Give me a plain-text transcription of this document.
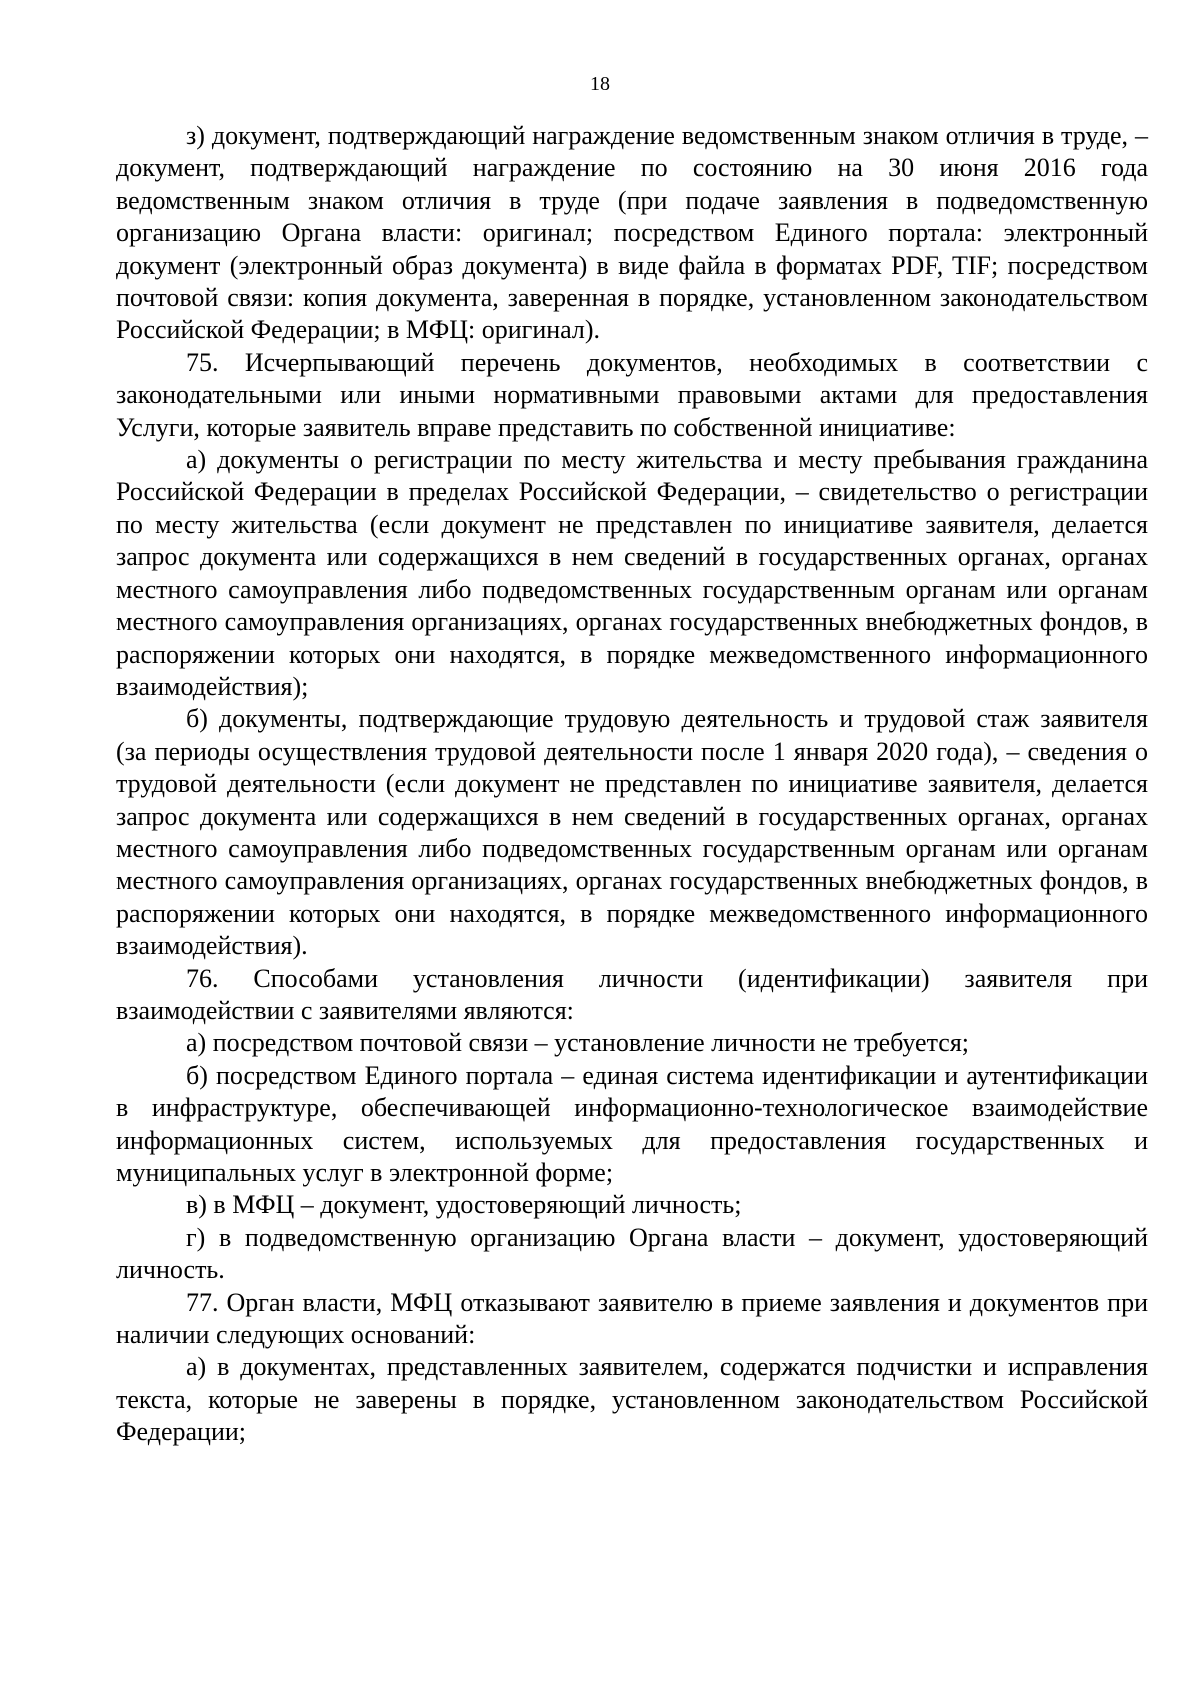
18

з) документ, подтверждающий награждение ведомственным знаком отличия в труде, – документ, подтверждающий награждение по состоянию на 30 июня 2016 года ведомственным знаком отличия в труде (при подаче заявления в подведомственную организацию Органа власти: оригинал; посредством Единого портала: электронный документ (электронный образ документа) в виде файла в форматах PDF, TIF; посредством почтовой связи: копия документа, заверенная в порядке, установленном законодательством Российской Федерации; в МФЦ: оригинал).

75. Исчерпывающий перечень документов, необходимых в соответствии с законодательными или иными нормативными правовыми актами для предоставления Услуги, которые заявитель вправе представить по собственной инициативе:

а) документы о регистрации по месту жительства и месту пребывания гражданина Российской Федерации в пределах Российской Федерации, – свидетельство о регистрации по месту жительства (если документ не представлен по инициативе заявителя, делается запрос документа или содержащихся в нем сведений в государственных органах, органах местного самоуправления либо подведомственных государственным органам или органам местного самоуправления организациях, органах государственных внебюджетных фондов, в распоряжении которых они находятся, в порядке межведомственного информационного взаимодействия);

б) документы, подтверждающие трудовую деятельность и трудовой стаж заявителя (за периоды осуществления трудовой деятельности после 1 января 2020 года), – сведения о трудовой деятельности (если документ не представлен по инициативе заявителя, делается запрос документа или содержащихся в нем сведений в государственных органах, органах местного самоуправления либо подведомственных государственным органам или органам местного самоуправления организациях, органах государственных внебюджетных фондов, в распоряжении которых они находятся, в порядке межведомственного информационного взаимодействия).

76. Способами установления личности (идентификации) заявителя при взаимодействии с заявителями являются:

а) посредством почтовой связи – установление личности не требуется;

б) посредством Единого портала – единая система идентификации и аутентификации в инфраструктуре, обеспечивающей информационно-технологическое взаимодействие информационных систем, используемых для предоставления государственных и муниципальных услуг в электронной форме;

в) в МФЦ – документ, удостоверяющий личность;

г) в подведомственную организацию Органа власти – документ, удостоверяющий личность.

77. Орган власти, МФЦ отказывают заявителю в приеме заявления и документов при наличии следующих оснований:

а) в документах, представленных заявителем, содержатся подчистки и исправления текста, которые не заверены в порядке, установленном законодательством Российской Федерации;
